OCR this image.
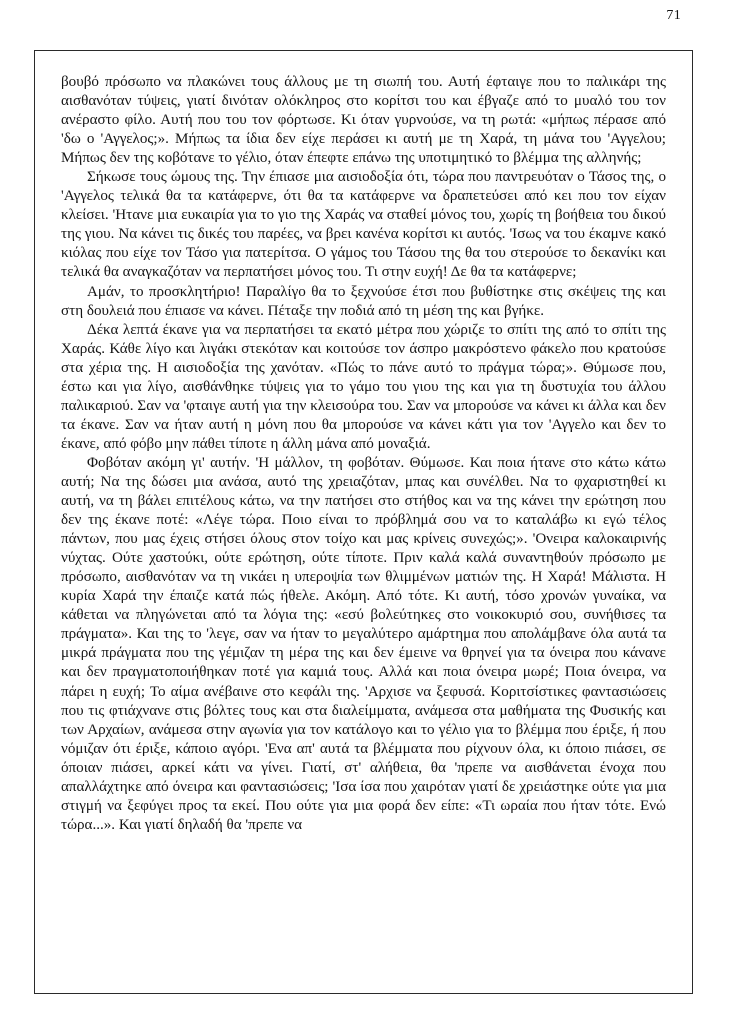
71

βουβό πρόσωπο να πλακώνει τους άλλους με τη σιωπή του. Αυτή έφταιγε που το παλικάρι της αισθανόταν τύψεις, γιατί δινόταν ολόκληρος στο κορίτσι του και έβγαζε από το μυαλό του τον ανέραστο φίλο. Αυτή που του τον φόρτωσε. Κι όταν γυρνούσε, να τη ρωτά: «μήπως πέρασε από 'δω ο 'Αγγελος;». Μήπως τα ίδια δεν είχε περάσει κι αυτή με τη Χαρά, τη μάνα του 'Αγγελου; Μήπως δεν της κοβότανε το γέλιο, όταν έπεφτε επάνω της υποτιμητικό το βλέμμα της αλληνής;

Σήκωσε τους ώμους της. Την έπιασε μια αισιοδοξία ότι, τώρα που παντρευόταν ο Τάσος της, ο 'Αγγελος τελικά θα τα κατάφερνε, ότι θα τα κατάφερνε να δραπετεύσει από κει που τον είχαν κλείσει. 'Ητανε μια ευκαιρία για το γιο της Χαράς να σταθεί μόνος του, χωρίς τη βοήθεια του δικού της γιου. Να κάνει τις δικές του παρέες, να βρει κανένα κορίτσι κι αυτός. 'Ισως να του έκαμνε κακό κιόλας που είχε τον Τάσο για πατερίτσα. Ο γάμος του Τάσου της θα του στερούσε το δεκανίκι και τελικά θα αναγκαζόταν να περπατήσει μόνος του. Τι στην ευχή! Δε θα τα κατάφερνε;

Αμάν, το προσκλητήριο! Παραλίγο θα το ξεχνούσε έτσι που βυθίστηκε στις σκέψεις της και στη δουλειά που έπιασε να κάνει. Πέταξε την ποδιά από τη μέση της και βγήκε.

Δέκα λεπτά έκανε για να περπατήσει τα εκατό μέτρα που χώριζε το σπίτι της από το σπίτι της Χαράς. Κάθε λίγο και λιγάκι στεκόταν και κοιτούσε τον άσπρο μακρόστενο φάκελο που κρατούσε στα χέρια της. Η αισιοδοξία της χανόταν. «Πώς το πάνε αυτό το πράγμα τώρα;». Θύμωσε που, έστω και για λίγο, αισθάνθηκε τύψεις για το γάμο του γιου της και για τη δυστυχία του άλλου παλικαριού. Σαν να 'φταιγε αυτή για την κλεισούρα του. Σαν να μπορούσε να κάνει κι άλλα και δεν τα έκανε. Σαν να ήταν αυτή η μόνη που θα μπορούσε να κάνει κάτι για τον 'Αγγελο και δεν το έκανε, από φόβο μην πάθει τίποτε η άλλη μάνα από μοναξιά.

Φοβόταν ακόμη γι' αυτήν. 'Η μάλλον, τη φοβόταν. Θύμωσε. Και ποια ήτανε στο κάτω κάτω αυτή; Να της δώσει μια ανάσα, αυτό της χρειαζόταν, μπας και συνέλθει. Να το φχαριστηθεί κι αυτή, να τη βάλει επιτέλους κάτω, να την πατήσει στο στήθος και να της κάνει την ερώτηση που δεν της έκανε ποτέ: «Λέγε τώρα. Ποιο είναι το πρόβλημά σου να το καταλάβω κι εγώ τέλος πάντων, που μας έχεις στήσει όλους στον τοίχο και μας κρίνεις συνεχώς;». 'Ονειρα καλοκαιρινής νύχτας. Ούτε χαστούκι, ούτε ερώτηση, ούτε τίποτε. Πριν καλά καλά συναντηθούν πρόσωπο με πρόσωπο, αισθανόταν να τη νικάει η υπεροψία των θλιμμένων ματιών της. Η Χαρά! Μάλιστα. Η κυρία Χαρά την έπαιζε κατά πώς ήθελε. Ακόμη. Από τότε. Κι αυτή, τόσο χρονών γυναίκα, να κάθεται να πληγώνεται από τα λόγια της: «εσύ βολεύτηκες στο νοικοκυριό σου, συνήθισες τα πράγματα». Και της το 'λεγε, σαν να ήταν το μεγαλύτερο αμάρτημα που απολάμβανε όλα αυτά τα μικρά πράγματα που της γέμιζαν τη μέρα της και δεν έμεινε να θρηνεί για τα όνειρα που κάνανε και δεν πραγματοποιήθηκαν ποτέ για καμιά τους. Αλλά και ποια όνειρα μωρέ; Ποια όνειρα, να πάρει η ευχή; Το αίμα ανέβαινε στο κεφάλι της. 'Αρχισε να ξεφυσά. Κοριτσίστικες φαντασιώσεις που τις φτιάχνανε στις βόλτες τους και στα διαλείμματα, ανάμεσα στα μαθήματα της Φυσικής και των Αρχαίων, ανάμεσα στην αγωνία για τον κατάλογο και το γέλιο για το βλέμμα που έριξε, ή που νόμιζαν ότι έριξε, κάποιο αγόρι. 'Ενα απ' αυτά τα βλέμματα που ρίχνουν όλα, κι όποιο πιάσει, σε όποιαν πιάσει, αρκεί κάτι να γίνει. Γιατί, στ' αλήθεια, θα 'πρεπε να αισθάνεται ένοχα που απαλλάχτηκε από όνειρα και φαντασιώσεις; 'Ισα ίσα που χαιρόταν γιατί δε χρειάστηκε ούτε για μια στιγμή να ξεφύγει προς τα εκεί. Που ούτε για μια φορά δεν είπε: «Τι ωραία που ήταν τότε. Ενώ τώρα...». Και γιατί δηλαδή θα 'πρεπε να
